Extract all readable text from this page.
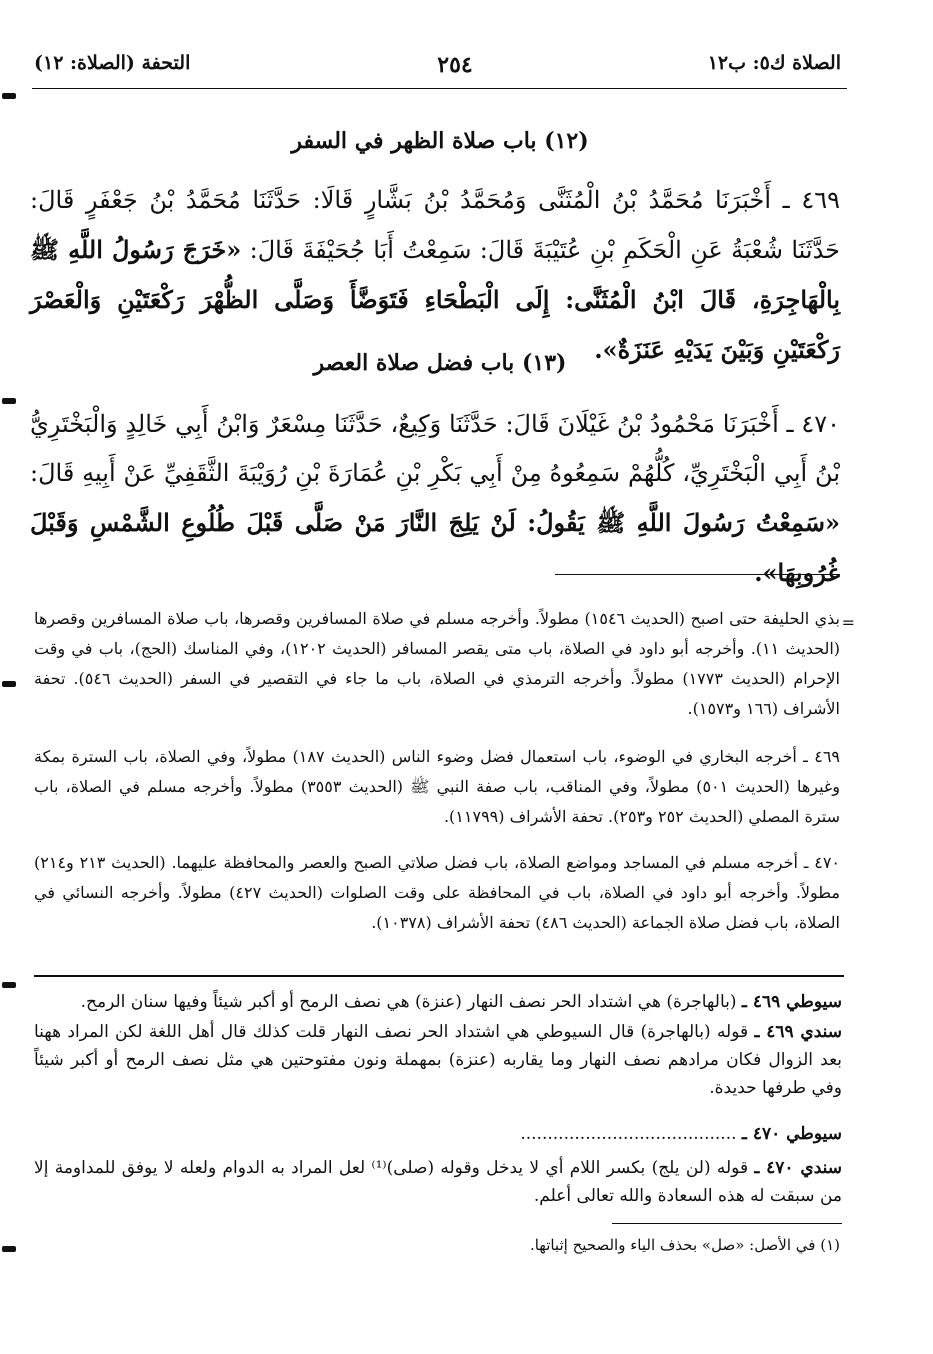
الصلاة ك٥: ب١٢
٢٥٤
التحفة (الصلاة: ١٢)
(١٢) باب صلاة الظهر في السفر
٤٦٩ ـ أَخْبَرَنَا مُحَمَّدُ بْنُ الْمُثَنَّى وَمُحَمَّدُ بْنُ بَشَّارٍ قَالَا: حَدَّثَنَا مُحَمَّدُ بْنُ جَعْفَرٍ قَالَ: حَدَّثَنَا شُعْبَةُ عَنِ الْحَكَمِ بْنِ عُتَيْبَةَ قَالَ: سَمِعْتُ أَبَا جُحَيْفَةَ قَالَ: «خَرَجَ رَسُولُ اللَّهِ ﷺ بِالْهَاجِرَةِ، قَالَ ابْنُ الْمُثَنَّى: إِلَى الْبَطْحَاءِ فَتَوَضَّأَ وَصَلَّى الظُّهْرَ رَكْعَتَيْنِ وَالْعَصْرَ رَكْعَتَيْنِ وَبَيْنَ يَدَيْهِ عَنَزَةٌ».
(١٣) باب فضل صلاة العصر
٤٧٠ ـ أَخْبَرَنَا مَحْمُودُ بْنُ غَيْلَانَ قَالَ: حَدَّثَنَا وَكِيعٌ، حَدَّثَنَا مِسْعَرٌ وَابْنُ أَبِي خَالِدٍ وَالْبَخْتَرِيُّ بْنُ أَبِي الْبَخْتَرِيِّ، كُلُّهُمْ سَمِعُوهُ مِنْ أَبِي بَكْرِ بْنِ عُمَارَةَ بْنِ رُوَيْبَةَ الثَّقَفِيِّ عَنْ أَبِيهِ قَالَ: «سَمِعْتُ رَسُولَ اللَّهِ ﷺ يَقُولُ: لَنْ يَلِجَ النَّارَ مَنْ صَلَّى قَبْلَ طُلُوعِ الشَّمْسِ وَقَبْلَ غُرُوبِهَا».
=
بذي الحليفة حتى اصبح (الحديث ١٥٤٦) مطولاً. وأخرجه مسلم في صلاة المسافرين وقصرها، باب صلاة المسافرين وقصرها (الحديث ١١). وأخرجه أبو داود في الصلاة، باب متى يقصر المسافر (الحديث ١٢٠٢)، وفي المناسك (الحج)، باب في وقت الإحرام (الحديث ١٧٧٣) مطولاً. وأخرجه الترمذي في الصلاة، باب ما جاء في التقصير في السفر (الحديث ٥٤٦). تحفة الأشراف (١٦٦ و١٥٧٣).
٤٦٩ ـ أخرجه البخاري في الوضوء، باب استعمال فضل وضوء الناس (الحديث ١٨٧) مطولاً، وفي الصلاة، باب السترة بمكة وغيرها (الحديث ٥٠١) مطولاً، وفي المناقب، باب صفة النبي ﷺ (الحديث ٣٥٥٣) مطولاً. وأخرجه مسلم في الصلاة، باب سترة المصلي (الحديث ٢٥٢ و٢٥٣). تحفة الأشراف (١١٧٩٩).
٤٧٠ ـ أخرجه مسلم في المساجد ومواضع الصلاة، باب فضل صلاتي الصبح والعصر والمحافظة عليهما. (الحديث ٢١٣ و٢١٤) مطولاً. وأخرجه أبو داود في الصلاة، باب في المحافظة على وقت الصلوات (الحديث ٤٢٧) مطولاً. وأخرجه النسائي في الصلاة، باب فضل صلاة الجماعة (الحديث ٤٨٦) تحفة الأشراف (١٠٣٧٨).
سيوطي ٤٦٩ ـ (بالهاجرة) هي اشتداد الحر نصف النهار (عنزة) هي نصف الرمح أو أكبر شيئاً وفيها سنان الرمح.
سندي ٤٦٩ ـ قوله (بالهاجرة) قال السيوطي هي اشتداد الحر نصف النهار قلت كذلك قال أهل اللغة لكن المراد ههنا بعد الزوال فكان مرادهم نصف النهار وما يقاربه (عنزة) بمهملة ونون مفتوحتين هي مثل نصف الرمح أو أكبر شيئاً وفي طرفها حديدة.
سيوطي ٤٧٠ ـ ........................................
سندي ٤٧٠ ـ قوله (لن يلج) بكسر اللام أي لا يدخل وقوله (صلى)⁽¹⁾ لعل المراد به الدوام ولعله لا يوفق للمداومة إلا من سبقت له هذه السعادة والله تعالى أعلم.
(١) في الأصل: «صل» بحذف الياء والصحيح إثباتها.
